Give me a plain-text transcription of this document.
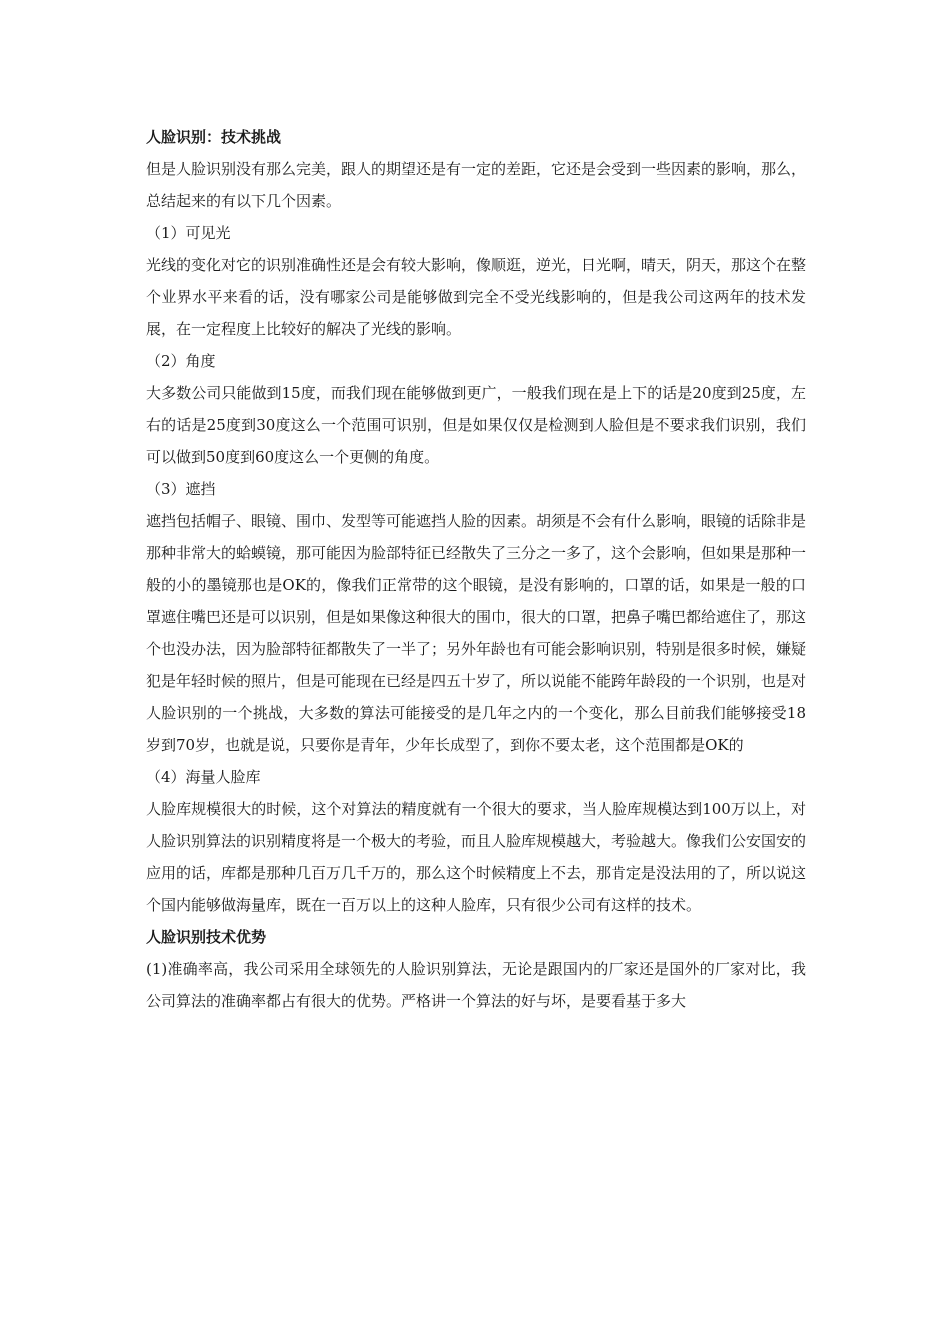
人脸识别：技术挑战

但是人脸识别没有那么完美，跟人的期望还是有一定的差距，它还是会受到一些因素的影响，那么，总结起来的有以下几个因素。

（1）可见光

光线的变化对它的识别准确性还是会有较大影响，像顺逛，逆光，日光啊，晴天，阴天，那这个在整个业界水平来看的话，没有哪家公司是能够做到完全不受光线影响的，但是我公司这两年的技术发展，在一定程度上比较好的解决了光线的影响。

（2）角度

大多数公司只能做到15度，而我们现在能够做到更广，一般我们现在是上下的话是20度到25度，左右的话是25度到30度这么一个范围可识别，但是如果仅仅是检测到人脸但是不要求我们识别，我们可以做到50度到60度这么一个更侧的角度。

（3）遮挡

遮挡包括帽子、眼镜、围巾、发型等可能遮挡人脸的因素。胡须是不会有什么影响，眼镜的话除非是那种非常大的蛤蟆镜，那可能因为脸部特征已经散失了三分之一多了，这个会影响，但如果是那种一般的小的墨镜那也是OK的，像我们正常带的这个眼镜，是没有影响的，口罩的话，如果是一般的口罩遮住嘴巴还是可以识别，但是如果像这种很大的围巾，很大的口罩，把鼻子嘴巴都给遮住了，那这个也没办法，因为脸部特征都散失了一半了；另外年龄也有可能会影响识别，特别是很多时候，嫌疑犯是年轻时候的照片，但是可能现在已经是四五十岁了，所以说能不能跨年龄段的一个识别，也是对人脸识别的一个挑战，大多数的算法可能接受的是几年之内的一个变化，那么目前我们能够接受18岁到70岁，也就是说，只要你是青年，少年长成型了，到你不要太老，这个范围都是OK的

（4）海量人脸库

人脸库规模很大的时候，这个对算法的精度就有一个很大的要求，当人脸库规模达到100万以上，对人脸识别算法的识别精度将是一个极大的考验，而且人脸库规模越大，考验越大。像我们公安国安的应用的话，库都是那种几百万几千万的，那么这个时候精度上不去，那肯定是没法用的了，所以说这个国内能够做海量库，既在一百万以上的这种人脸库，只有很少公司有这样的技术。

人脸识别技术优势

(1)准确率高，我公司采用全球领先的人脸识别算法，无论是跟国内的厂家还是国外的厂家对比，我公司算法的准确率都占有很大的优势。严格讲一个算法的好与坏，是要看基于多大
